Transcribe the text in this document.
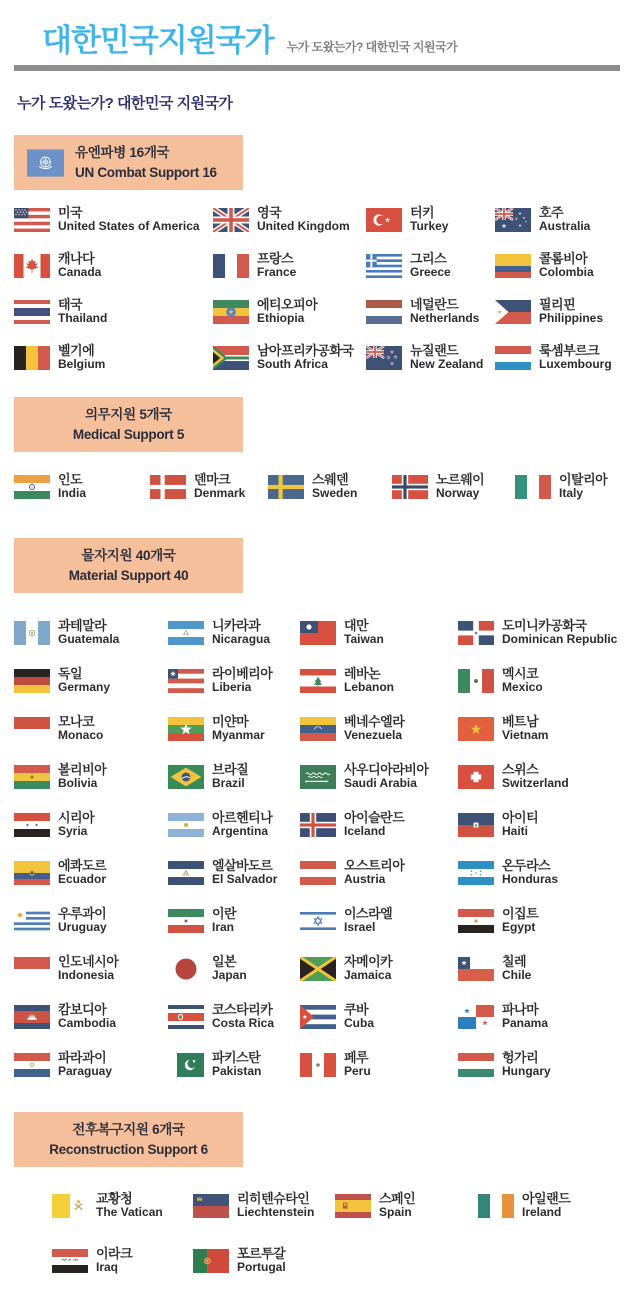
대한민국지원국가 누가 도왔는가? 대한민국 지원국가
누가 도왔는가? 대한민국 지원국가
유엔파병 16개국
UN Combat Support 16
미국
United States of America
영국
United Kingdom
터키
Turkey
호주
Australia
캐나다
Canada
프랑스
France
그리스
Greece
콜롬비아
Colombia
태국
Thailand
에티오피아
Ethiopia
네덜란드
Netherlands
필리핀
Philippines
벨기에
Belgium
남아프리카공화국
South Africa
뉴질랜드
New Zealand
룩셈부르크
Luxembourg
의무지원 5개국
Medical Support 5
인도
India
덴마크
Denmark
스웨덴
Sweden
노르웨이
Norway
이탈리아
Italy
물자지원 40개국
Material Support 40
과테말라
Guatemala
니카라과
Nicaragua
대만
Taiwan
도미니카공화국
Dominican Republic
독일
Germany
라이베리아
Liberia
레바논
Lebanon
멕시코
Mexico
모나코
Monaco
미얀마
Myanmar
베네수엘라
Venezuela
베트남
Vietnam
볼리비아
Bolivia
브라질
Brazil
사우디아라비아
Saudi Arabia
스위스
Switzerland
시리아
Syria
아르헨티나
Argentina
아이슬란드
Iceland
아이티
Haiti
에콰도르
Ecuador
엘살바도르
El Salvador
오스트리아
Austria
온두라스
Honduras
우루과이
Uruguay
이란
Iran
이스라엘
Israel
이집트
Egypt
인도네시아
Indonesia
일본
Japan
자메이카
Jamaica
칠레
Chile
캄보디아
Cambodia
코스타리카
Costa Rica
쿠바
Cuba
파나마
Panama
파라과이
Paraguay
파키스탄
Pakistan
페루
Peru
헝가리
Hungary
전후복구지원 6개국
Reconstruction Support 6
교황청
The Vatican
리히텐슈타인
Liechtenstein
스페인
Spain
아일랜드
Ireland
이라크
Iraq
포르투갈
Portugal
